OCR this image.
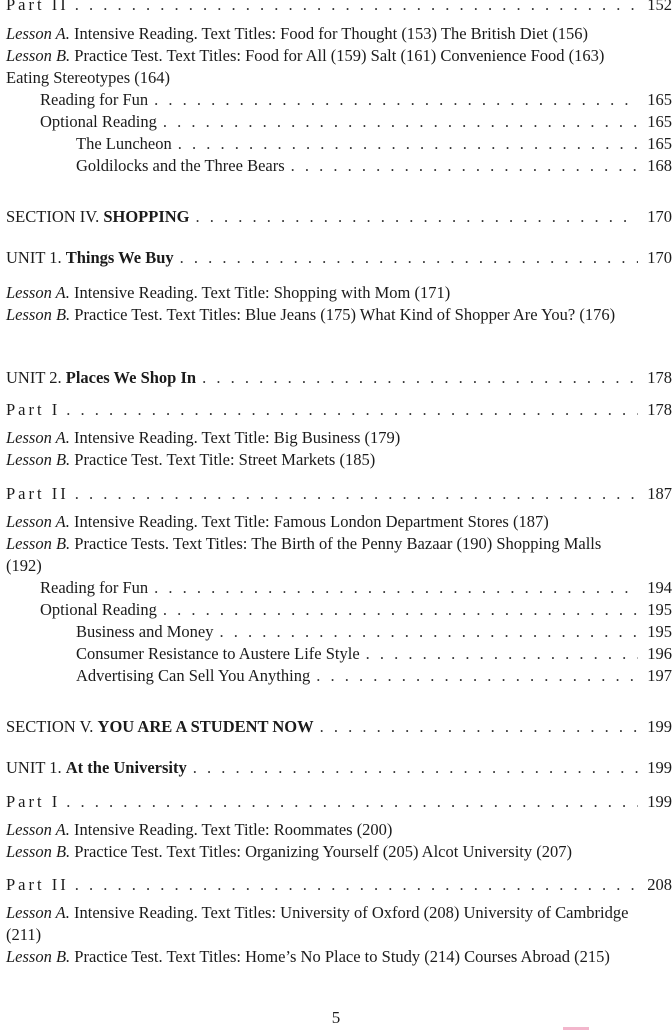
Part II . . .	152
Lesson A. Intensive Reading. Text Titles: Food for Thought (153) The British Diet (156)
Lesson B. Practice Test. Text Titles: Food for All (159) Salt (161) Convenience Food (163) Eating Stereotypes (164)
Reading for Fun . . .	165
Optional Reading . . .	165
The Luncheon . . .	165
Goldilocks and the Three Bears . . .	168
SECTION IV. SHOPPING . . .	170
UNIT 1. Things We Buy . . .	170
Lesson A. Intensive Reading. Text Title: Shopping with Mom (171)
Lesson B. Practice Test. Text Titles: Blue Jeans (175) What Kind of Shopper Are You? (176)
UNIT 2. Places We Shop In . . .	178
Part I . . .	178
Lesson A. Intensive Reading. Text Title: Big Business (179)
Lesson B. Practice Test. Text Title: Street Markets (185)
Part II . . .	187
Lesson A. Intensive Reading. Text Title: Famous London Department Stores (187)
Lesson B. Practice Tests. Text Titles: The Birth of the Penny Bazaar (190) Shopping Malls (192)
Reading for Fun . . .	194
Optional Reading . . .	195
Business and Money . . .	195
Consumer Resistance to Austere Life Style . . .	196
Advertising Can Sell You Anything . . .	197
SECTION V. YOU ARE A STUDENT NOW . . .	199
UNIT 1. At the University . . .	199
Part I . . .	199
Lesson A. Intensive Reading. Text Title: Roommates (200)
Lesson B. Practice Test. Text Titles: Organizing Yourself (205) Alcot University (207)
Part II . . .	208
Lesson A. Intensive Reading. Text Titles: University of Oxford (208) University of Cambridge (211)
Lesson B. Practice Test. Text Titles: Home’s No Place to Study (214) Courses Abroad (215)
5
